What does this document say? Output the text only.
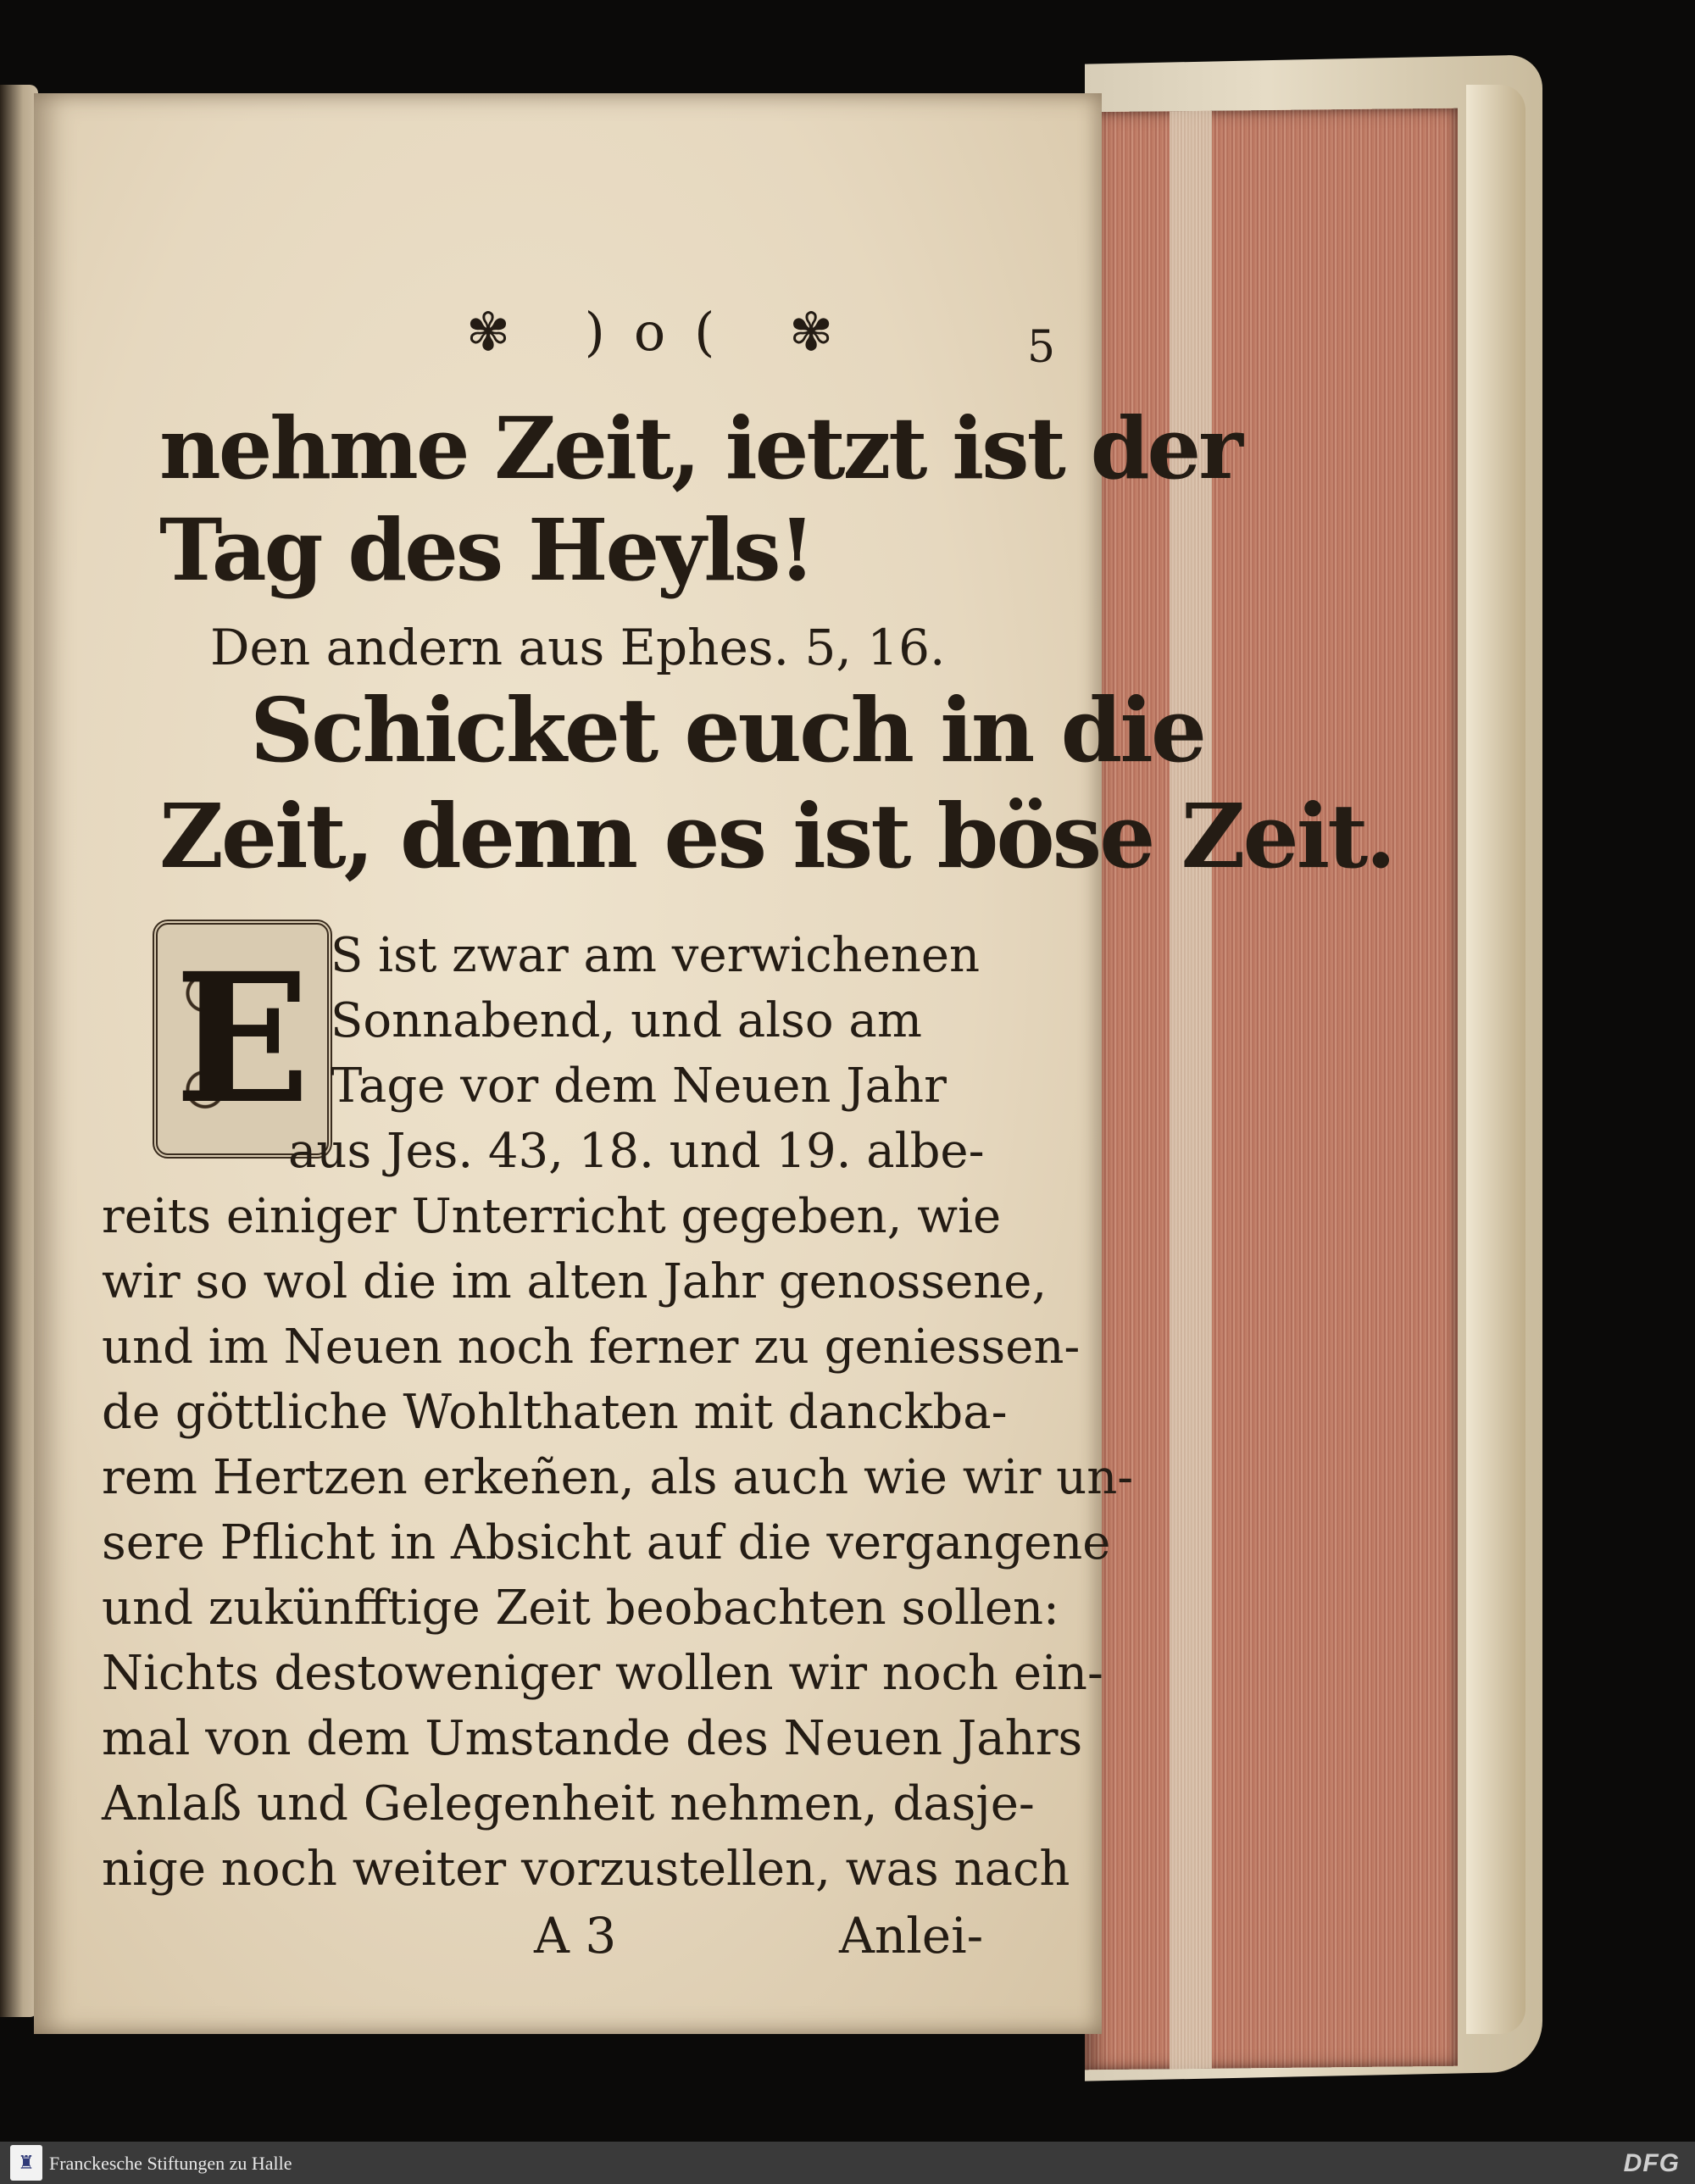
✾ )o( ✾	5

nehme Zeit, ietzt ist der

Tag des Heyls!

Den andern aus Ephes. 5, 16.

Schicket euch in die

Zeit, denn es ist böse Zeit.

E S ist zwar am verwichenen

Sonnabend, und also am

Tage vor dem Neuen Jahr

aus Jes. 43, 18. und 19. albe-

reits einiger Unterricht gegeben, wie

wir so wol die im alten Jahr genossene,

und im Neuen noch ferner zu geniessen-

de göttliche Wohlthaten mit danckba-

rem Hertzen erkeñen, als auch wie wir un-

sere Pflicht in Absicht auf die vergangene

und zukünfftige Zeit beobachten sollen:

Nichts destoweniger wollen wir noch ein-

mal von dem Umstande des Neuen Jahrs

Anlaß und Gelegenheit nehmen, dasje-

nige noch weiter vorzustellen, was nach

A 3	Anlei-

♜ Franckesche Stiftungen zu Halle	DFG
